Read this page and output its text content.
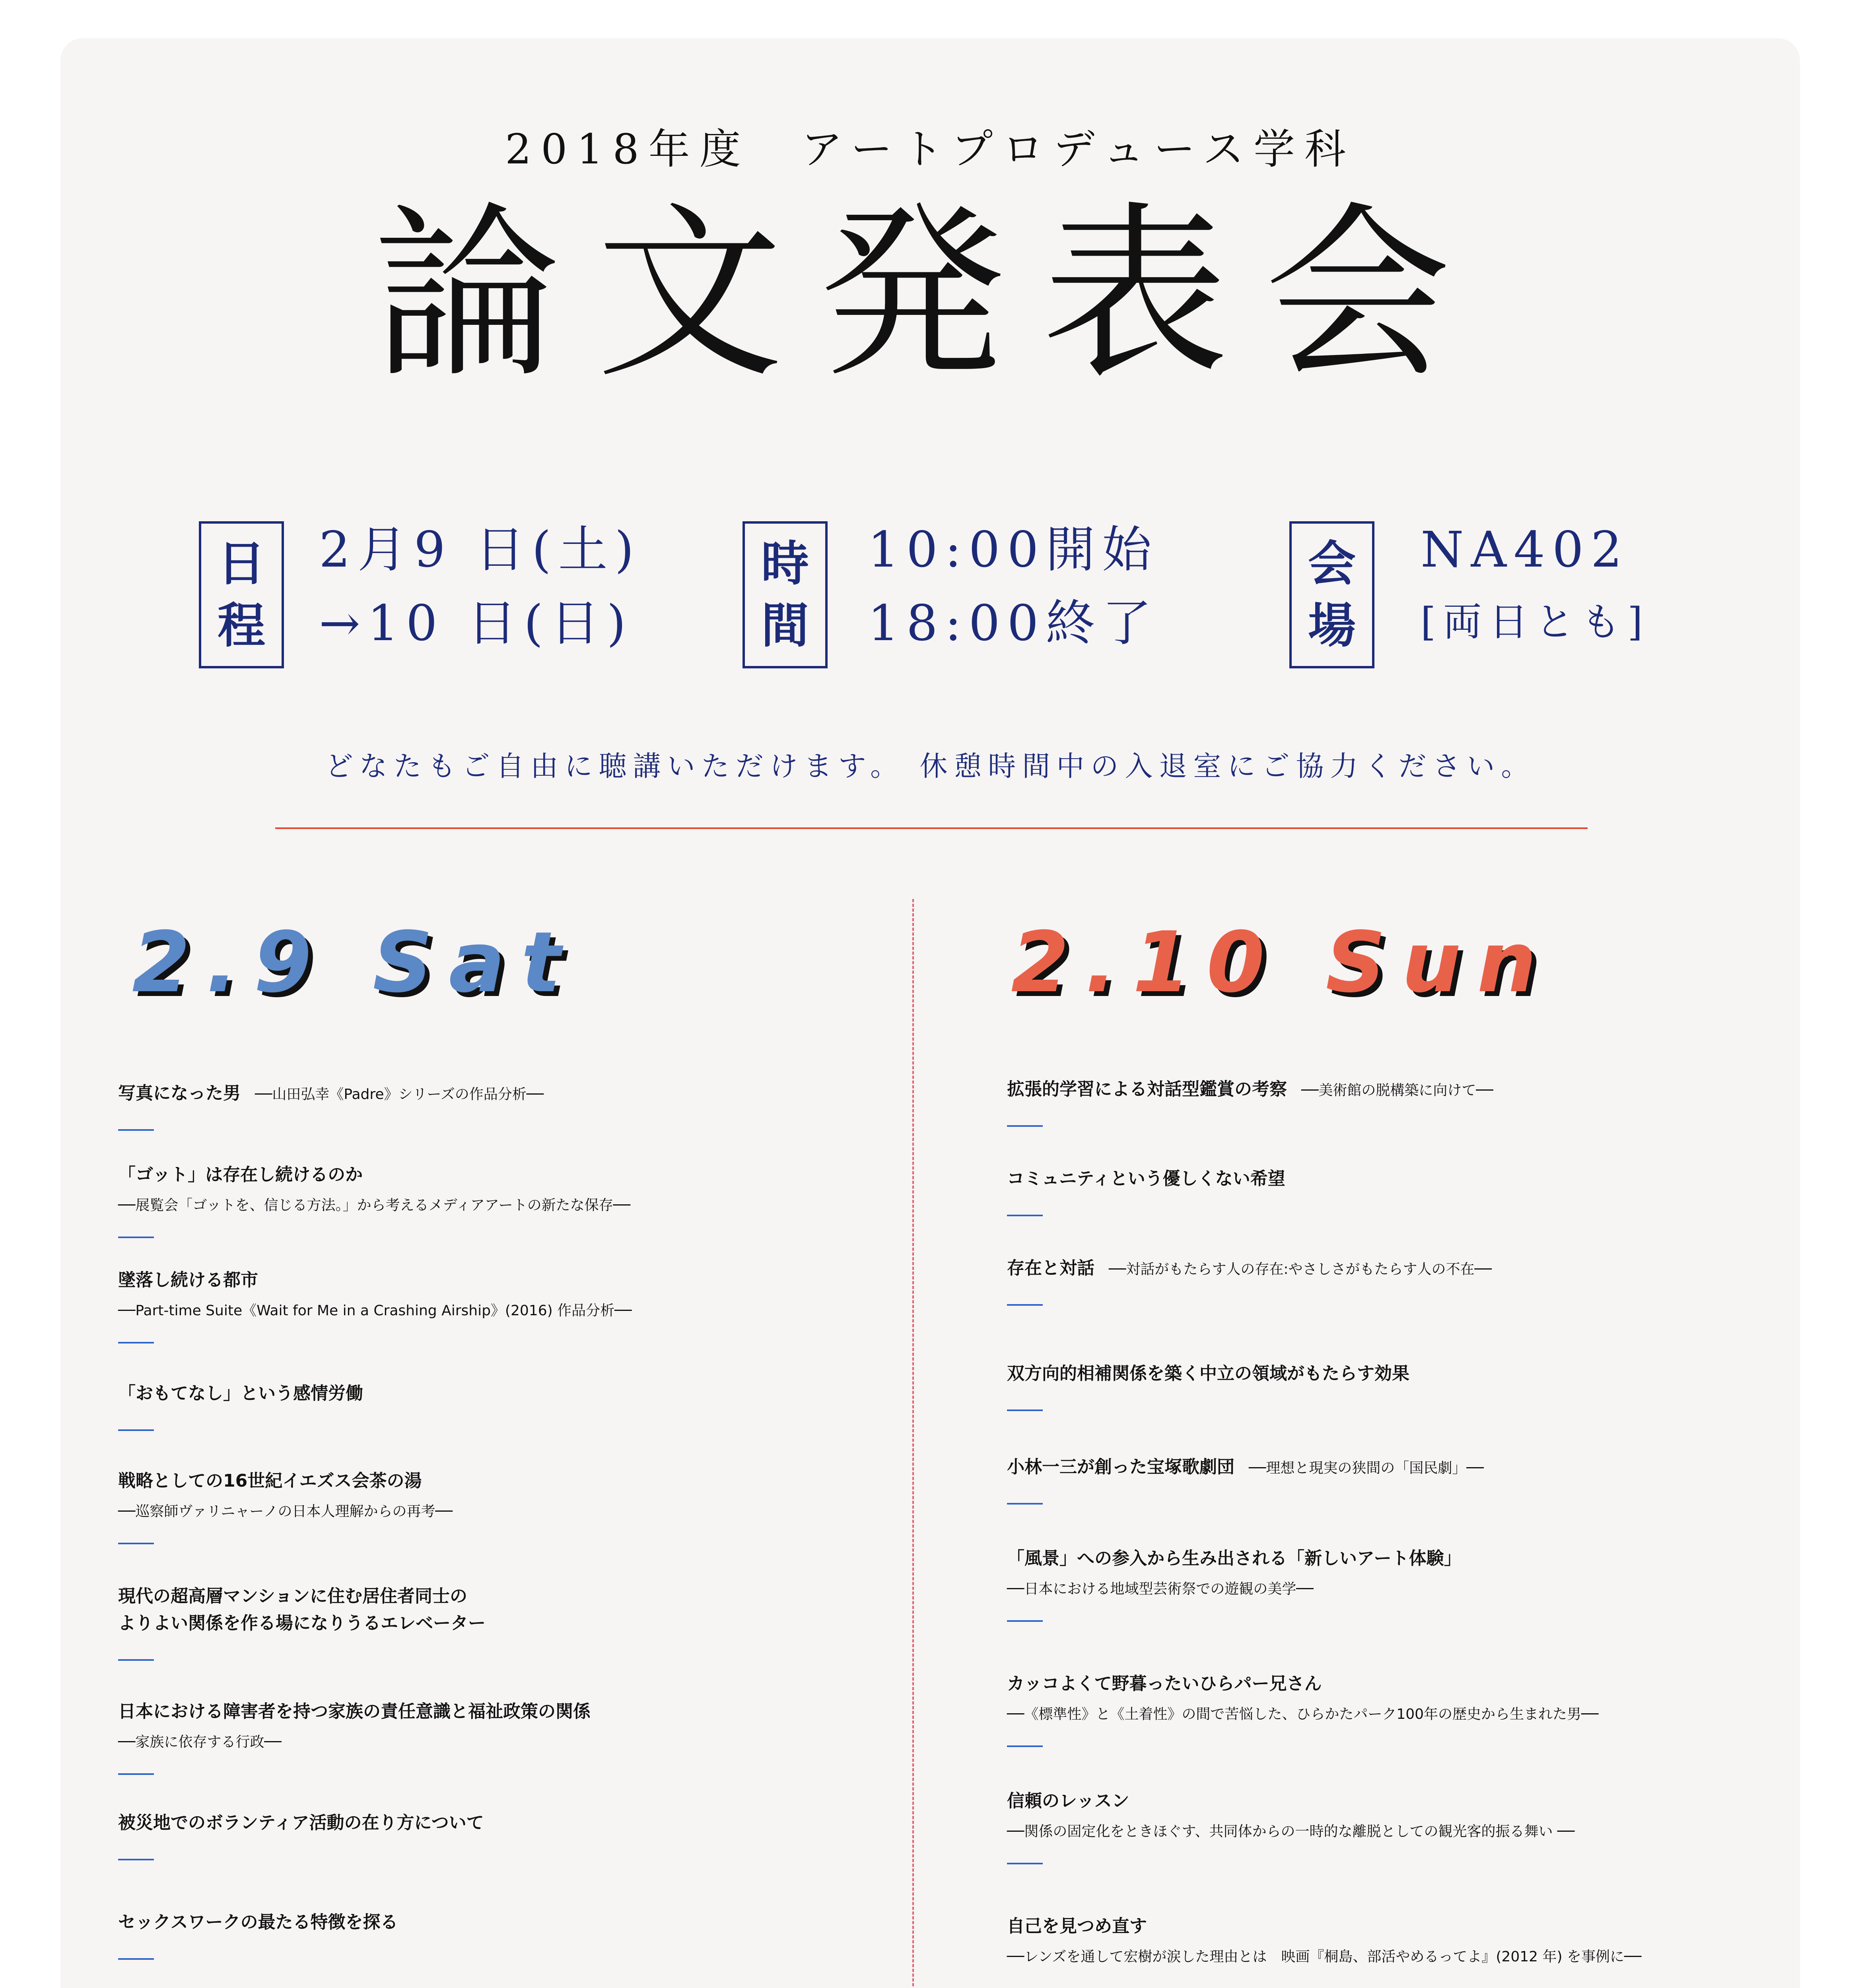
2018年度　アートプロデュース学科
論文発表会
日
程
2月9 日(土)
→10 日(日)
時
間
10:00開始
18:00終了
会
場
NA402
[両日とも]
どなたもご自由に聴講いただけます。 休憩時間中の入退室にご協力ください。
2.9 Sat	2.10 Sun
写真になった男　──山田弘幸《Padre》シリーズの作品分析──
「ゴット」は存在し続けるのか
──展覧会「ゴットを、信じる方法。」から考えるメディアアートの新たな保存──
墜落し続ける都市
──Part-time Suite《Wait for Me in a Crashing Airship》(2016) 作品分析──
「おもてなし」という感情労働
戦略としての16世紀イエズス会茶の湯
──巡察師ヴァリニャーノの日本人理解からの再考──
現代の超高層マンションに住む居住者同士の
よりよい関係を作る場になりうるエレベーター
日本における障害者を持つ家族の責任意識と福祉政策の関係
──家族に依存する行政──
被災地でのボランティア活動の在り方について
セックスワークの最たる特徴を探る
拡張的学習による対話型鑑賞の考察　──美術館の脱構築に向けて──
コミュニティという優しくない希望
存在と対話　──対話がもたらす人の存在:やさしさがもたらす人の不在──
双方向的相補関係を築く中立の領域がもたらす効果
小林一三が創った宝塚歌劇団　──理想と現実の狭間の「国民劇」──
「風景」への参入から生み出される「新しいアート体験」
──日本における地域型芸術祭での遊観の美学──
カッコよくて野暮ったいひらパー兄さん
──《標準性》と《土着性》の間で苦悩した、ひらかたパーク100年の歴史から生まれた男──
信頼のレッスン
──関係の固定化をときほぐす、共同体からの一時的な離脱としての観光客的振る舞い ──
自己を見つめ直す
──レンズを通して宏樹が涙した理由とは　映画『桐島、部活やめるってよ』(2012 年) を事例に──
